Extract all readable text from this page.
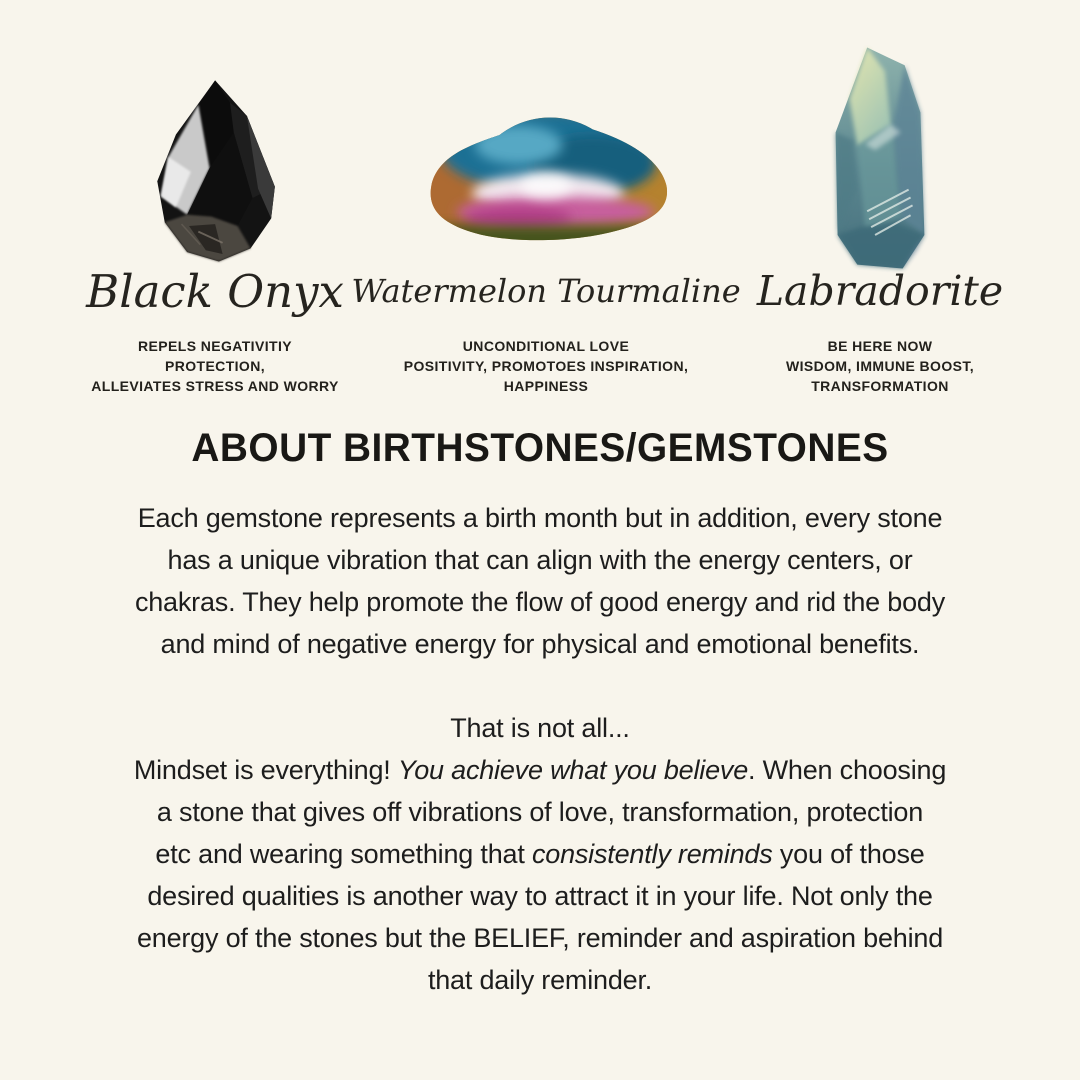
Black Onyx Watermelon Tourmaline Labradorite
REPELS NEGATIVITIY
PROTECTION,
ALLEVIATES STRESS AND WORRY
UNCONDITIONAL LOVE
POSITIVITY, PROMOTOES INSPIRATION,
HAPPINESS
BE HERE NOW
WISDOM, IMMUNE BOOST,
TRANSFORMATION
ABOUT BIRTHSTONES/GEMSTONES
Each gemstone represents a birth month but in addition, every stone
has a unique vibration that can align with the energy centers, or
chakras. They help promote the flow of good energy and rid the body
and mind of negative energy for physical and emotional benefits.
That is not all...
Mindset is everything! You achieve what you believe. When choosing
a stone that gives off vibrations of love, transformation, protection
etc and wearing something that consistently reminds you of those
desired qualities is another way to attract it in your life. Not only the
energy of the stones but the BELIEF, reminder and aspiration behind
that daily reminder.
